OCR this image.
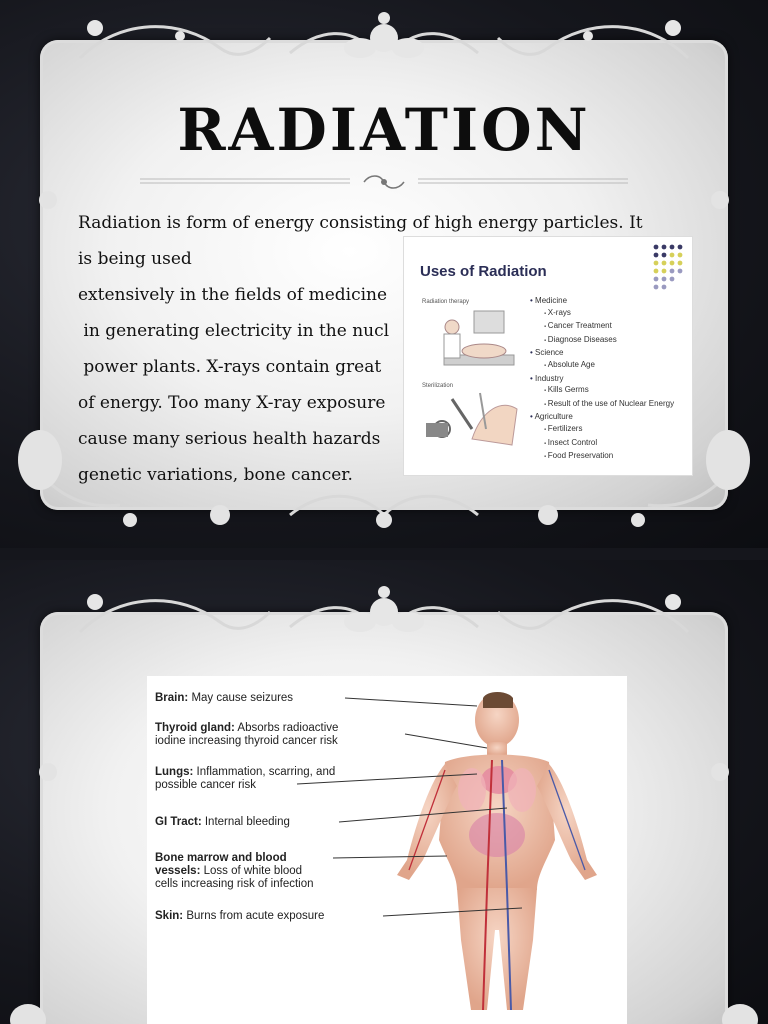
RADIATION
Radiation is form of energy consisting of high energy particles. It
is being used
extensively in the fields of medicine
in generating electricity in the nucl
power plants. X-rays contain great
of energy. Too many X-ray exposure
cause many serious health hazards
genetic variations, bone cancer.
Uses of Radiation
Radiation therapy
Sterilization
• Medicine
▪ X-rays
▪ Cancer Treatment
▪ Diagnose Diseases
• Science
▪ Absolute Age
• Industry
▪ Kills Germs
▪ Result of the use of Nuclear Energy
• Agriculture
▪ Fertilizers
▪ Insect Control
▪ Food Preservation
Brain: May cause seizures
Thyroid gland: Absorbs radioactive
iodine increasing thyroid cancer risk
Lungs: Inflammation, scarring, and
possible cancer risk
GI Tract: Internal bleeding
Bone marrow and blood
vessels: Loss of white blood
cells increasing risk of infection
Skin: Burns from acute exposure
